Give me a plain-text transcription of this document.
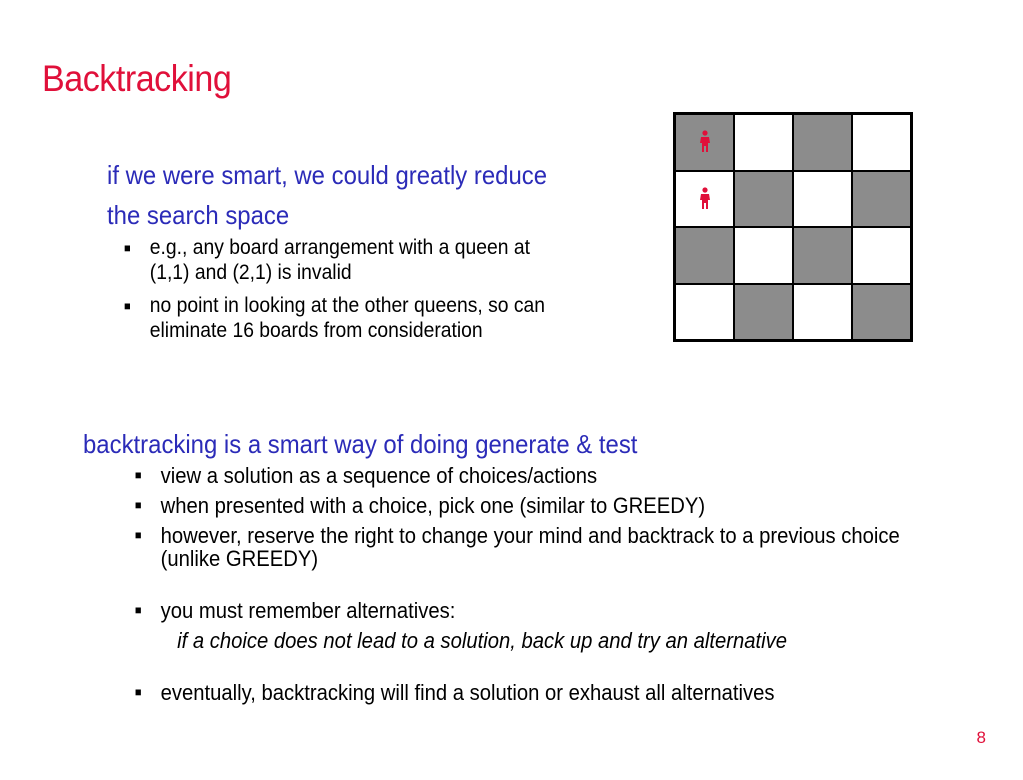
Backtracking
if we were smart, we could greatly reduce
the search space
■ e.g., any board arrangement with a queen at
(1,1) and (2,1) is invalid
■ no point in looking at the other queens, so can
eliminate 16 boards from consideration
backtracking is a smart way of doing generate & test
■ view a solution as a sequence of choices/actions
■ when presented with a choice, pick one (similar to GREEDY)
■ however, reserve the right to change your mind and backtrack to a previous choice
(unlike GREEDY)
■ you must remember alternatives:
if a choice does not lead to a solution, back up and try an alternative
■ eventually, backtracking will find a solution or exhaust all alternatives
8
